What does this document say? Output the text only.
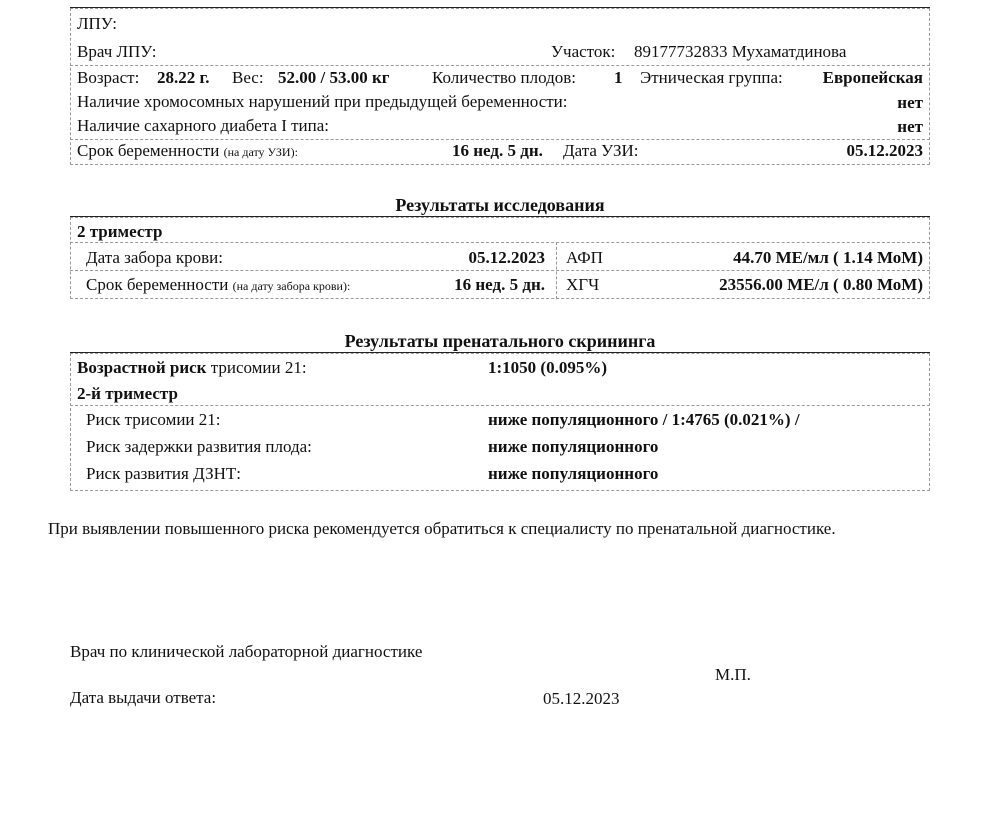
ЛПУ:
Врач ЛПУ:	Участок: 89177732833 Мухаматдинова
Возраст: 28.22 г. Вес: 52.00 / 53.00 кг	Количество плодов: 1 Этническая группа: Европейская
Наличие хромосомных нарушений при предыдущей беременности:	нет
Наличие сахарного диабета I типа:	нет
Срок беременности (на дату УЗИ):	16 нед. 5 дн. Дата УЗИ:	05.12.2023
Результаты исследования
2 триместр
Дата забора крови:	05.12.2023 АФП	44.70 МЕ/мл ( 1.14 МоМ)
Срок беременности (на дату забора крови):	16 нед. 5 дн. ХГЧ	23556.00 МЕ/л ( 0.80 МоМ)
Результаты пренатального скрининга
Возрастной риск трисомии 21:	1:1050 (0.095%)
2-й триместр
Риск трисомии 21:	ниже популяционного / 1:4765 (0.021%) /
Риск задержки развития плода:	ниже популяционного
Риск развития ДЗНТ:	ниже популяционного
При выявлении повышенного риска рекомендуется обратиться к специалисту по пренатальной диагностике.
Врач по клинической лабораторной диагностике
М.П.
Дата выдачи ответа:	05.12.2023
